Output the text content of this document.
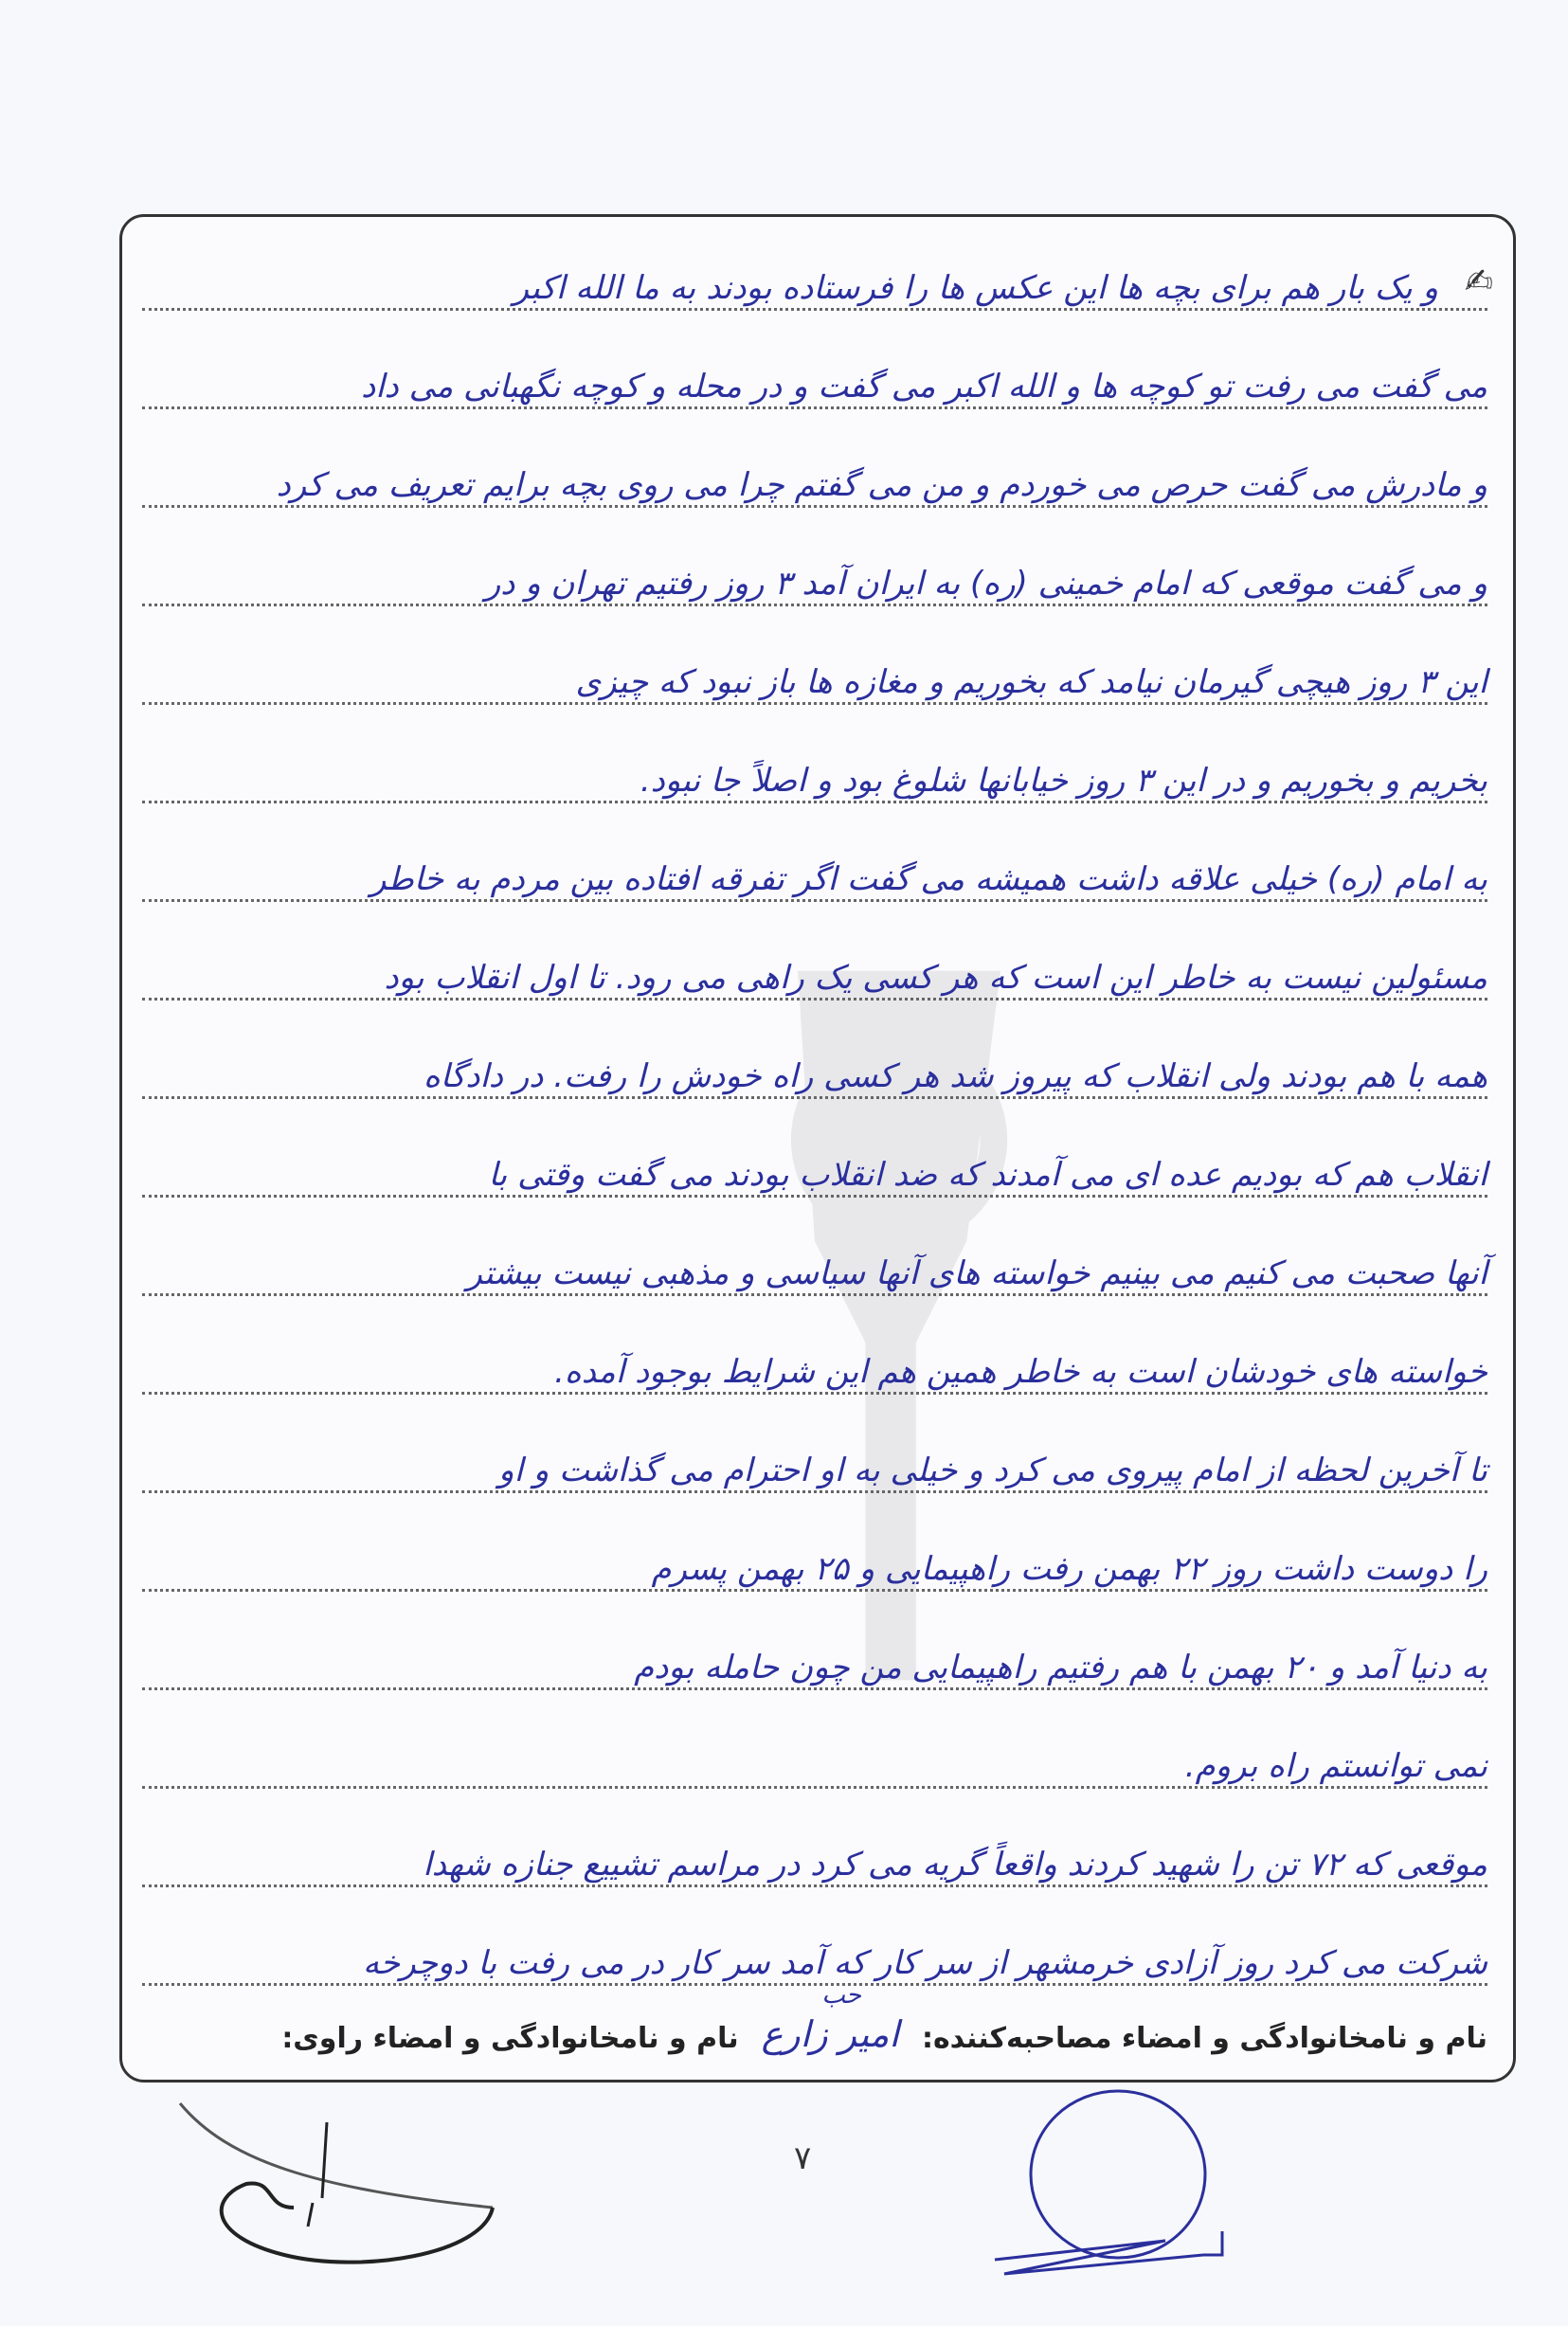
✍
و یک بار هم برای بچه ها این عکس ها را فرستاده بودند به ما الله اکبر
می گفت می رفت تو کوچه ها و الله اکبر می گفت و در محله و کوچه نگهبانی می داد
و مادرش می گفت حرص می خوردم و من می گفتم چرا می روی بچه برایم تعریف می کرد
و می گفت موقعی که امام خمینی (ره) به ایران آمد ۳ روز رفتیم تهران و در
این ۳ روز هیچی گیرمان نیامد که بخوریم و مغازه ها باز نبود که چیزی
بخریم و بخوریم و در این ۳ روز خیابانها شلوغ بود و اصلاً جا نبود.
به امام (ره) خیلی علاقه داشت همیشه می گفت اگر تفرقه افتاده بین مردم به خاطر
مسئولین نیست به خاطر این است که هر کسی یک راهی می رود. تا اول انقلاب بود
همه با هم بودند ولی انقلاب که پیروز شد هر کسی راه خودش را رفت. در دادگاه
انقلاب هم که بودیم عده ای می آمدند که ضد انقلاب بودند می گفت وقتی با
آنها صحبت می کنیم می بینیم خواسته های آنها سیاسی و مذهبی نیست بیشتر
خواسته های خودشان است به خاطر همین هم این شرایط بوجود آمده.
تا آخرین لحظه از امام پیروی می کرد و خیلی به او احترام می گذاشت و او
را دوست داشت روز ۲۲ بهمن رفت راهپیمایی و ۲۵ بهمن پسرم
به دنیا آمد و ۲۰ بهمن با هم رفتیم راهپیمایی من چون حامله بودم
نمی توانستم راه بروم.
موقعی که ۷۲ تن را شهید کردند واقعاً گریه می کرد در مراسم تشییع جنازه شهدا
شرکت می کرد روز آزادی خرمشهر از سر کار که آمد سر کار در می رفت با دوچرخه
نام و نامخانوادگی و امضاء مصاحبه‌کننده:
حب
امیر زارع
نام و نامخانوادگی و امضاء راوی:
۷
